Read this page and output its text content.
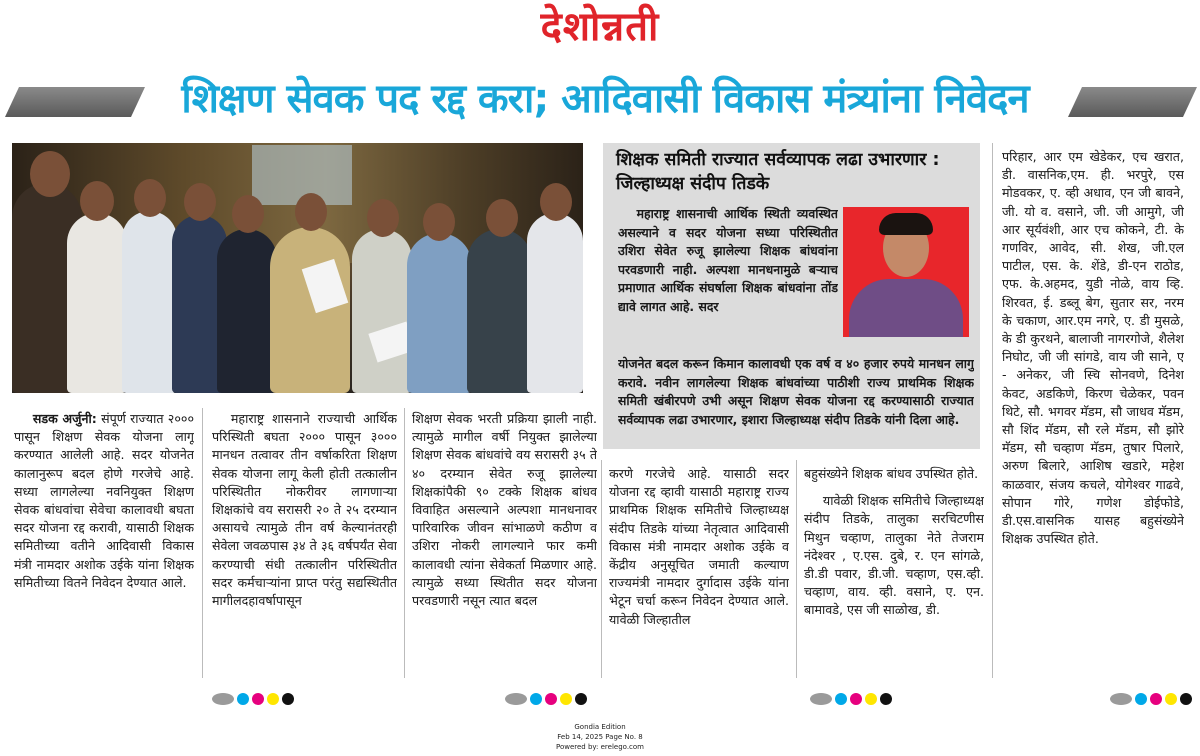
देशोन्नती
शिक्षण सेवक पद रद्द करा; आदिवासी विकास मंत्र्यांना निवेदन
शिक्षक समिती राज्यात सर्वव्यापक लढा उभारणार : जिल्हाध्यक्ष संदीप तिडके
महाराष्ट्र शासनाची आर्थिक स्थिती व्यवस्थित असल्याने व सदर योजना सध्या परिस्थितीत उशिरा सेवेत रुजू झालेल्या शिक्षक बांधवांना परवडणारी नाही. अल्पशा मानधनामुळे बऱ्याच प्रमाणात आर्थिक संघर्षाला शिक्षक बांधवांना तोंड द्यावे लागत आहे. सदर
योजनेत बदल करून किमान कालावधी एक वर्ष व ४० हजार रुपये मानधन लागु करावे. नवीन लागलेल्या शिक्षक बांधवांच्या पाठीशी राज्य प्राथमिक शिक्षक समिती खंबीरपणे उभी असून शिक्षण सेवक योजना रद्द करण्यासाठी राज्यात सर्वव्यापक लढा उभारणार, इशारा जिल्हाध्यक्ष संदीप तिडके यांनी दिला आहे.
सडक अर्जुनी: संपूर्ण राज्यात २००० पासून शिक्षण सेवक योजना लागू करण्यात आलेली आहे. सदर योजनेत कालानुरूप बदल होणे गरजेचे आहे. सध्या लागलेल्या नवनियुक्त शिक्षण सेवक बांधवांचा सेवेचा कालावधी बघता सदर योजना रद्द करावी, यासाठी शिक्षक समितीच्या वतीने आदिवासी विकास मंत्री नामदार अशोक उईके यांना शिक्षक समितीच्या वितने निवेदन देण्यात आले.
महाराष्ट्र शासनाने राज्याची आर्थिक परिस्थिती बघता २००० पासून ३००० मानधन तत्वावर तीन वर्षाकरिता शिक्षण सेवक योजना लागू केली होती तत्कालीन परिस्थितीत नोकरीवर लागणाऱ्या शिक्षकांचे वय सरासरी २० ते २५ दरम्यान असायचे त्यामुळे तीन वर्ष केल्यानंतरही सेवेला जवळपास ३४ ते ३६ वर्षपर्यंत सेवा करण्याची संधी तत्कालीन परिस्थितीत सदर कर्मचाऱ्यांना प्राप्त परंतु सद्यस्थितीत मागीलदहावर्षापासून
शिक्षण सेवक भरती प्रक्रिया झाली नाही. त्यामुळे मागील वर्षी नियुक्त झालेल्या शिक्षण सेवक बांधवांचे वय सरासरी ३५ ते ४० दरम्यान सेवेत रुजू झालेल्या शिक्षकांपैकी ९० टक्के शिक्षक बांधव विवाहित असल्याने अल्पशा मानधनावर पारिवारिक जीवन सांभाळणे कठीण व उशिरा नोकरी लागल्याने फार कमी कालावधी त्यांना सेवेकर्ता मिळणार आहे. त्यामुळे सध्या स्थितीत सदर योजना परवडणारी नसून त्यात बदल
करणे गरजेचे आहे. यासाठी सदर योजना रद्द व्हावी यासाठी महाराष्ट्र राज्य प्राथमिक शिक्षक समितीचे जिल्हाध्यक्ष संदीप तिडके यांच्या नेतृत्वात आदिवासी विकास मंत्री नामदार अशोक उईके व केंद्रीय अनुसूचित जमाती कल्याण राज्यमंत्री नामदार दुर्गादास उईके यांना भेटून चर्चा करून निवेदन देण्यात आले. यावेळी जिल्हातील

बहुसंख्येने शिक्षक बांधव उपस्थित होते.

यावेळी शिक्षक समितीचे जिल्हाध्यक्ष संदीप तिडके, तालुका सरचिटणीस मिथुन चव्हाण, तालुका नेते तेजराम नंदेश्वर , ए.एस. दुबे, र. एन सांगळे, डी.डी पवार, डी.जी. चव्हाण, एस.व्ही. चव्हाण, वाय. व्ही. वसाने, ए. एन. बामावडे, एस जी साळोख, डी.

परिहार, आर एम खेडेकर, एच खरात, डी. वासनिक,एम. ही. भरपुरे, एस मोडवकर, ए. व्ही अधाव, एन जी बावने, जी. यो व. वसाने, जी. जी आमुगे, जी आर सूर्यवंशी, आर एच कोकने, टी. के गणविर, आवेद, सी. शेख, जी.एल पाटील, एस. के. शेंडे, डी-एन राठोड, एफ. के.अहमद, युडी नोळे, वाय व्हि. शिरवत, ई. डब्लू बेग, सुतार सर, नरम के चकाण, आर.एम नगरे, ए. डी मुसळे, के डी कुरथने, बालाजी नागरगोजे, शैलेश निघोट, जी जी सांगडे, वाय जी साने, ए - अनेकर, जी स्चि सोनवणे, दिनेश केवट, अडकिणे, किरण चेळेकर, पवन थिटे, सौ. भगवर मॅडम, सौ जाधव मॅडम, सौ शिंद मॅडम, सौ रले मॅडम, सौ झोरे मॅडम, सौ चव्हाण मॅडम, तुषार पिलारे, अरुण बिलारे, आशिष खडारे, महेश काळवार, संजय कचले, योगेश्वर गाढवे, सोपान गोरे, गणेश डोईफोडे, डी.एस.वासनिक यासह बहुसंख्येने शिक्षक उपस्थित होते.
Gondia Edition
Feb 14, 2025 Page No. 8
Powered by: erelego.com
